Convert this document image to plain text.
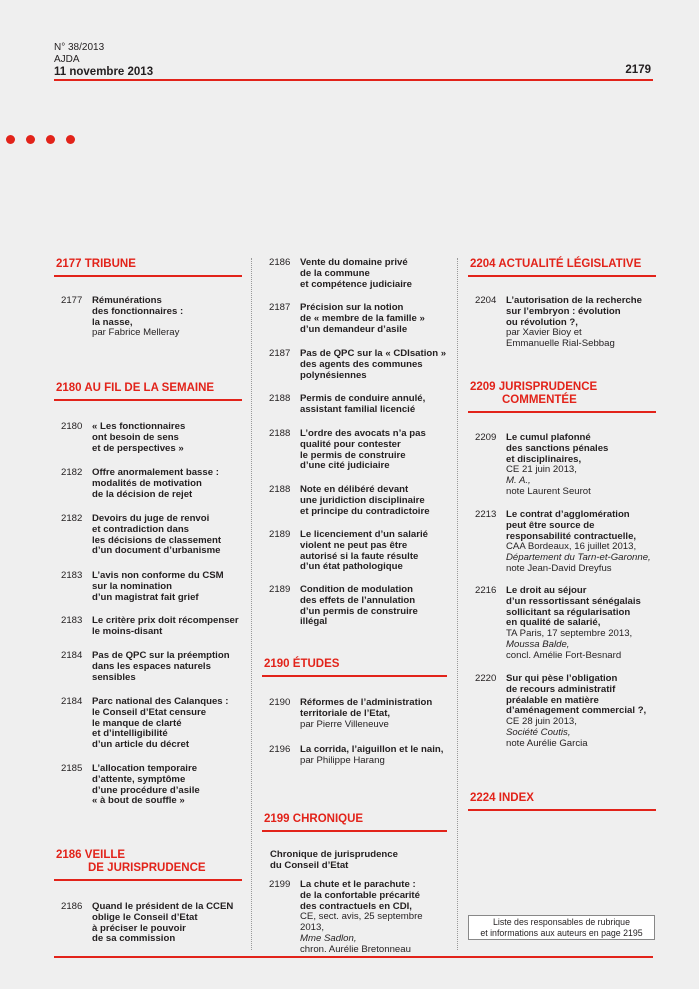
N° 38/2013
AJDA
11 novembre 2013	2179
2177 TRIBUNE
2177 Rémunérations
des fonctionnaires :
la nasse,
par Fabrice Melleray
2180 AU FIL DE LA SEMAINE
2180 « Les fonctionnaires
ont besoin de sens
et de perspectives »
2182 Offre anormalement basse :
modalités de motivation
de la décision de rejet
2182 Devoirs du juge de renvoi
et contradiction dans
les décisions de classement
d’un document d’urbanisme
2183 L’avis non conforme du CSM
sur la nomination
d’un magistrat fait grief
2183 Le critère prix doit récompenser
le moins-disant
2184 Pas de QPC sur la préemption
dans les espaces naturels
sensibles
2184 Parc national des Calanques :
le Conseil d’Etat censure
le manque de clarté
et d’intelligibilité
d’un article du décret
2185 L’allocation temporaire
d’attente, symptôme
d’une procédure d’asile
« à bout de souffle »
2186 VEILLE
DE JURISPRUDENCE
2186 Quand le président de la CCEN
oblige le Conseil d’Etat
à préciser le pouvoir
de sa commission
2186 Vente du domaine privé
de la commune
et compétence judiciaire
2187 Précision sur la notion
de « membre de la famille »
d’un demandeur d’asile
2187 Pas de QPC sur la « CDIsation »
des agents des communes
polynésiennes
2188 Permis de conduire annulé,
assistant familial licencié
2188 L’ordre des avocats n’a pas
qualité pour contester
le permis de construire
d’une cité judiciaire
2188 Note en délibéré devant
une juridiction disciplinaire
et principe du contradictoire
2189 Le licenciement d’un salarié
violent ne peut pas être
autorisé si la faute résulte
d’un état pathologique
2189 Condition de modulation
des effets de l’annulation
d’un permis de construire illégal
2190 ÉTUDES
2190 Réformes de l’administration
territoriale de l’Etat,
par Pierre Villeneuve
2196 La corrida, l’aiguillon et le nain,
par Philippe Harang
2199 CHRONIQUE
Chronique de jurisprudence
du Conseil d’Etat
2199 La chute et le parachute :
de la confortable précarité
des contractuels en CDI,
CE, sect. avis, 25 septembre 2013,
Mme Sadlon,
chron. Aurélie Bretonneau
2204 ACTUALITÉ LÉGISLATIVE
2204 L’autorisation de la recherche
sur l’embryon : évolution
ou révolution ?,
par Xavier Bioy et
Emmanuelle Rial-Sebbag
2209 JURISPRUDENCE
COMMENTÉE
2209 Le cumul plafonné
des sanctions pénales
et disciplinaires,
CE 21 juin 2013,
M. A.,
note Laurent Seurot
2213 Le contrat d’agglomération
peut être source de
responsabilité contractuelle,
CAA Bordeaux, 16 juillet 2013,
Département du Tarn-et-Garonne,
note Jean-David Dreyfus
2216 Le droit au séjour
d’un ressortissant sénégalais
sollicitant sa régularisation
en qualité de salarié,
TA Paris, 17 septembre 2013,
Moussa Balde,
concl. Amélie Fort-Besnard
2220 Sur qui pèse l’obligation
de recours administratif
préalable en matière
d’aménagement commercial ?,
CE 28 juin 2013,
Société Coutis,
note Aurélie Garcia
2224 INDEX
Liste des responsables de rubrique
et informations aux auteurs en page 2195
